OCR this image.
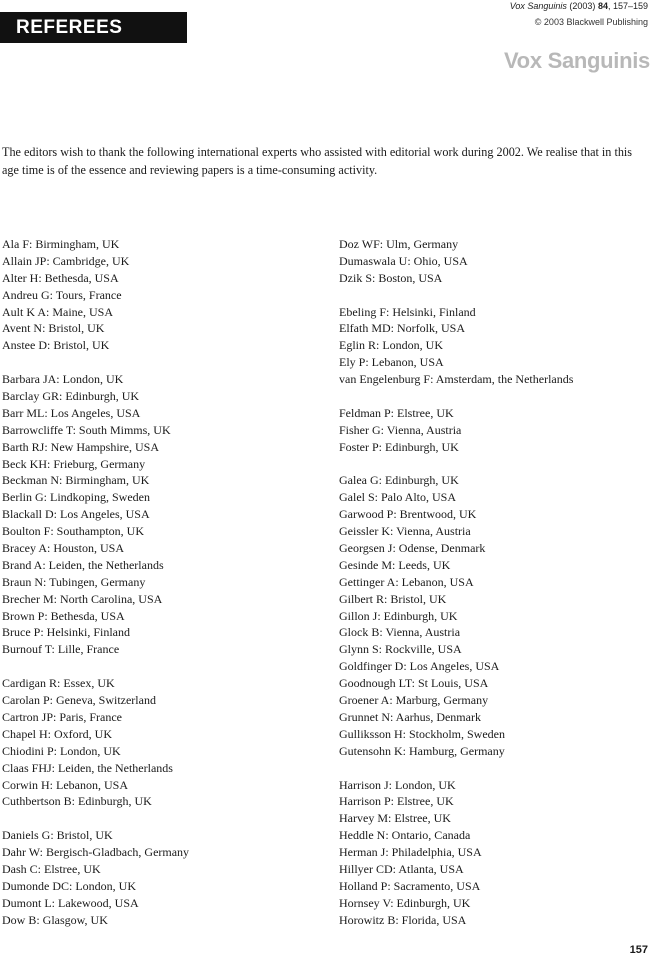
REFEREES
Vox Sanguinis (2003) 84, 157–159
© 2003 Blackwell Publishing
Vox Sanguinis

The editors wish to thank the following international experts who assisted with editorial work during 2002. We realise that in this age time is of the essence and reviewing papers is a time-consuming activity.

Ala F: Birmingham, UK
Allain JP: Cambridge, UK
Alter H: Bethesda, USA
Andreu G: Tours, France
Ault K A: Maine, USA
Avent N: Bristol, UK
Anstee D: Bristol, UK
Barbara JA: London, UK
Barclay GR: Edinburgh, UK
Barr ML: Los Angeles, USA
Barrowcliffe T: South Mimms, UK
Barth RJ: New Hampshire, USA
Beck KH: Frieburg, Germany
Beckman N: Birmingham, UK
Berlin G: Lindkoping, Sweden
Blackall D: Los Angeles, USA
Boulton F: Southampton, UK
Bracey A: Houston, USA
Brand A: Leiden, the Netherlands
Braun N: Tubingen, Germany
Brecher M: North Carolina, USA
Brown P: Bethesda, USA
Bruce P: Helsinki, Finland
Burnouf T: Lille, France
Cardigan R: Essex, UK
Carolan P: Geneva, Switzerland
Cartron JP: Paris, France
Chapel H: Oxford, UK
Chiodini P: London, UK
Claas FHJ: Leiden, the Netherlands
Corwin H: Lebanon, USA
Cuthbertson B: Edinburgh, UK
Daniels G: Bristol, UK
Dahr W: Bergisch-Gladbach, Germany
Dash C: Elstree, UK
Dumonde DC: London, UK
Dumont L: Lakewood, USA
Dow B: Glasgow, UK
Doz WF: Ulm, Germany
Dumaswala U: Ohio, USA
Dzik S: Boston, USA
Ebeling F: Helsinki, Finland
Elfath MD: Norfolk, USA
Eglin R: London, UK
Ely P: Lebanon, USA
van Engelenburg F: Amsterdam, the Netherlands
Feldman P: Elstree, UK
Fisher G: Vienna, Austria
Foster P: Edinburgh, UK
Galea G: Edinburgh, UK
Galel S: Palo Alto, USA
Garwood P: Brentwood, UK
Geissler K: Vienna, Austria
Georgsen J: Odense, Denmark
Gesinde M: Leeds, UK
Gettinger A: Lebanon, USA
Gilbert R: Bristol, UK
Gillon J: Edinburgh, UK
Glock B: Vienna, Austria
Glynn S: Rockville, USA
Goldfinger D: Los Angeles, USA
Goodnough LT: St Louis, USA
Groener A: Marburg, Germany
Grunnet N: Aarhus, Denmark
Gulliksson H: Stockholm, Sweden
Gutensohn K: Hamburg, Germany
Harrison J: London, UK
Harrison P: Elstree, UK
Harvey M: Elstree, UK
Heddle N: Ontario, Canada
Herman J: Philadelphia, USA
Hillyer CD: Atlanta, USA
Holland P: Sacramento, USA
Hornsey V: Edinburgh, UK
Horowitz B: Florida, USA
157
